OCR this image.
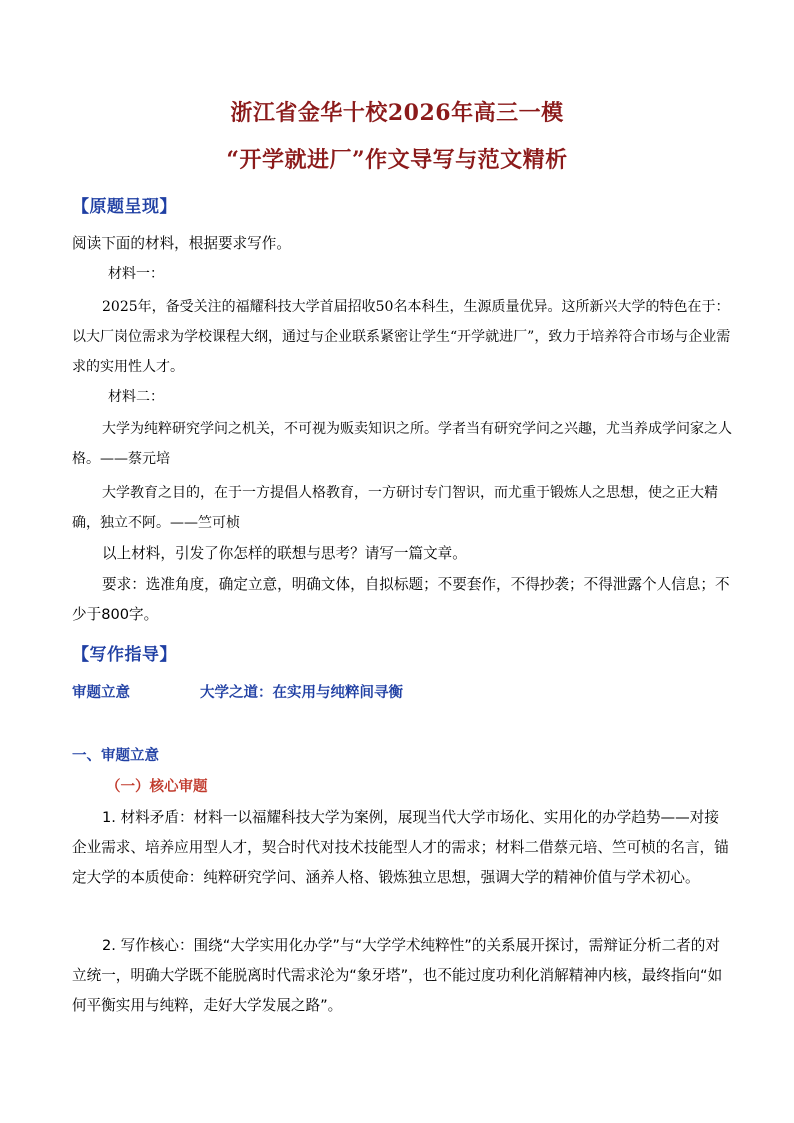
浙江省金华十校2026年高三一模
“开学就进厂”作文导写与范文精析
【原题呈现】
阅读下面的材料，根据要求写作。
材料一：
2025年，备受关注的福耀科技大学首届招收50名本科生，生源质量优异。这所新兴大学的特色在于：以大厂岗位需求为学校课程大纲，通过与企业联系紧密让学生“开学就进厂”，致力于培养符合市场与企业需求的实用性人才。
材料二：
大学为纯粹研究学问之机关，不可视为贩卖知识之所。学者当有研究学问之兴趣，尤当养成学问家之人格。——蔡元培
大学教育之目的，在于一方提倡人格教育，一方研讨专门智识，而尤重于锻炼人之思想，使之正大精确，独立不阿。——竺可桢
以上材料，引发了你怎样的联想与思考？请写一篇文章。
要求：选准角度，确定立意，明确文体，自拟标题；不要套作，不得抄袭；不得泄露个人信息；不少于800字。
【写作指导】
审题立意	大学之道：在实用与纯粹间寻衡
一、审题立意
（一）核心审题
1. 材料矛盾：材料一以福耀科技大学为案例，展现当代大学市场化、实用化的办学趋势——对接企业需求、培养应用型人才，契合时代对技术技能型人才的需求；材料二借蔡元培、竺可桢的名言，锚定大学的本质使命：纯粹研究学问、涵养人格、锻炼独立思想，强调大学的精神价值与学术初心。
2. 写作核心：围绕“大学实用化办学”与“大学学术纯粹性”的关系展开探讨，需辩证分析二者的对立统一，明确大学既不能脱离时代需求沦为“象牙塔”，也不能过度功利化消解精神内核，最终指向“如何平衡实用与纯粹，走好大学发展之路”。
